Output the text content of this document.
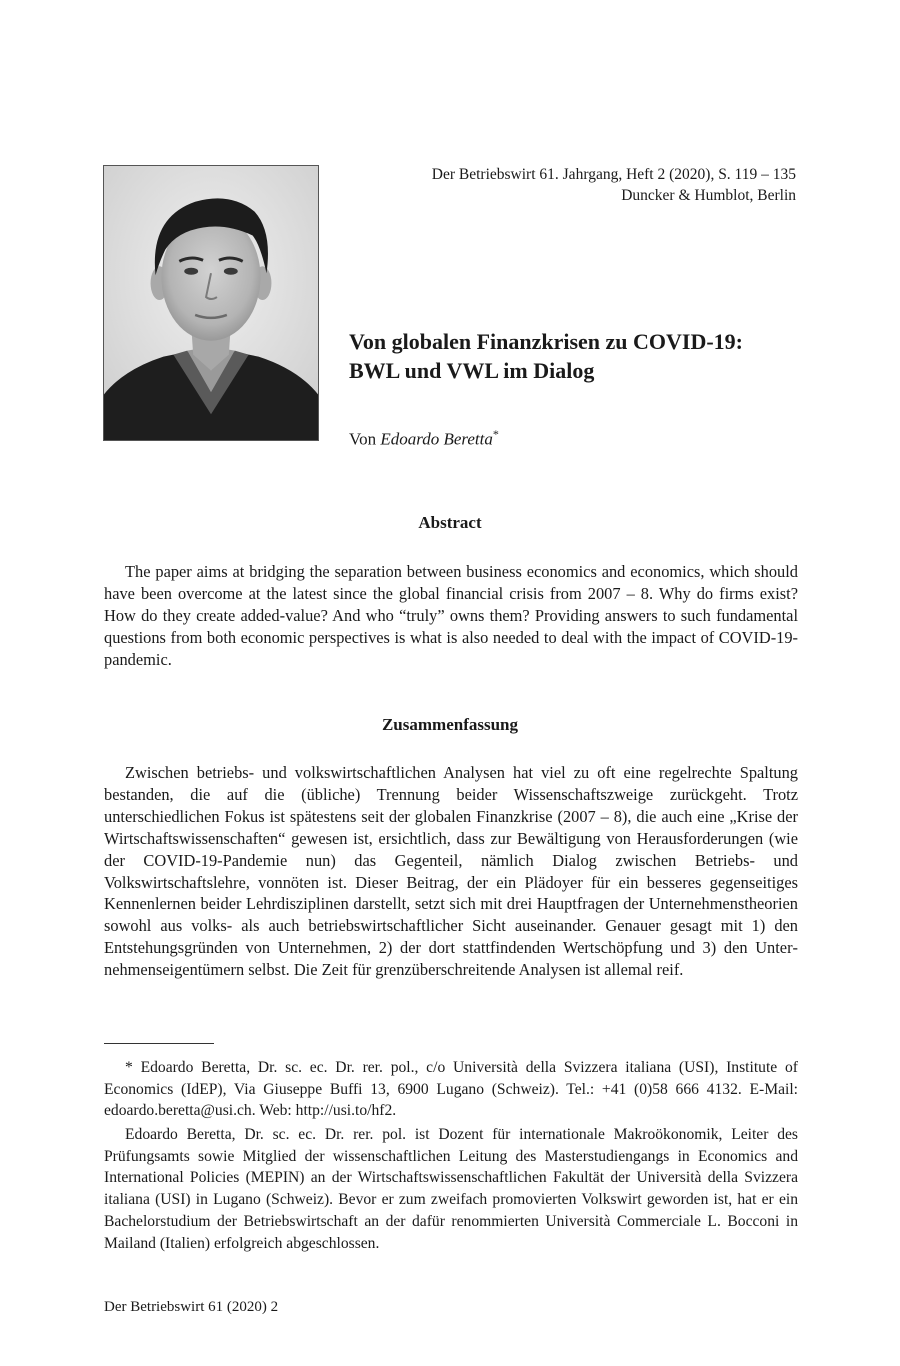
Der Betriebswirt 61. Jahrgang, Heft 2 (2020), S. 119 – 135
Duncker & Humblot, Berlin
Von globalen Finanzkrisen zu COVID-19:
BWL und VWL im Dialog
Von Edoardo Beretta*
Abstract
The paper aims at bridging the separation between business economics and economics, which should have been overcome at the latest since the global financial crisis from 2007 – 8. Why do firms exist? How do they create added-value? And who “truly” owns them? Providing answers to such fundamental questions from both economic perspectives is what is also needed to deal with the impact of COVID-19-pandemic.
Zusammenfassung
Zwischen betriebs- und volkswirtschaftlichen Analysen hat viel zu oft eine regelrechte Spaltung bestanden, die auf die (übliche) Trennung beider Wissenschaftszweige zurückgeht. Trotz unterschiedlichen Fokus ist spätestens seit der globalen Finanzkrise (2007 – 8), die auch eine „Krise der Wirtschaftswissenschaften“ gewesen ist, ersichtlich, dass zur Bewältigung von Herausforderungen (wie der COVID-19-Pandemie nun) das Gegenteil, nämlich Dialog zwischen Betriebs- und Volkswirtschaftslehre, vonnöten ist. Dieser Beitrag, der ein Plädoyer für ein besseres gegenseitiges Kennenlernen beider Lehrdisziplinen darstellt, setzt sich mit drei Hauptfragen der Unternehmenstheorien sowohl aus volks- als auch betriebswirtschaftlicher Sicht auseinander. Genauer gesagt mit 1) den Entstehungsgründen von Unternehmen, 2) der dort stattfindenden Wertschöpfung und 3) den Unternehmenseigentümern selbst. Die Zeit für grenzüberschreitende Analysen ist allemal reif.
* Edoardo Beretta, Dr. sc. ec. Dr. rer. pol., c/o Università della Svizzera italiana (USI), Institute of Economics (IdEP), Via Giuseppe Buffi 13, 6900 Lugano (Schweiz). Tel.: +41 (0)58 666 4132. E-Mail: edoardo.beretta@usi.ch. Web: http://usi.to/hf2.
Edoardo Beretta, Dr. sc. ec. Dr. rer. pol. ist Dozent für internationale Makroökonomik, Leiter des Prüfungsamts sowie Mitglied der wissenschaftlichen Leitung des Masterstudiengangs in Economics and International Policies (MEPIN) an der Wirtschaftswissenschaftlichen Fakultät der Università della Svizzera italiana (USI) in Lugano (Schweiz). Bevor er zum zweifach promovierten Volkswirt geworden ist, hat er ein Bachelorstudium der Betriebswirtschaft an der dafür renommierten Università Commerciale L. Bocconi in Mailand (Italien) erfolgreich abgeschlossen.
Der Betriebswirt 61 (2020) 2
